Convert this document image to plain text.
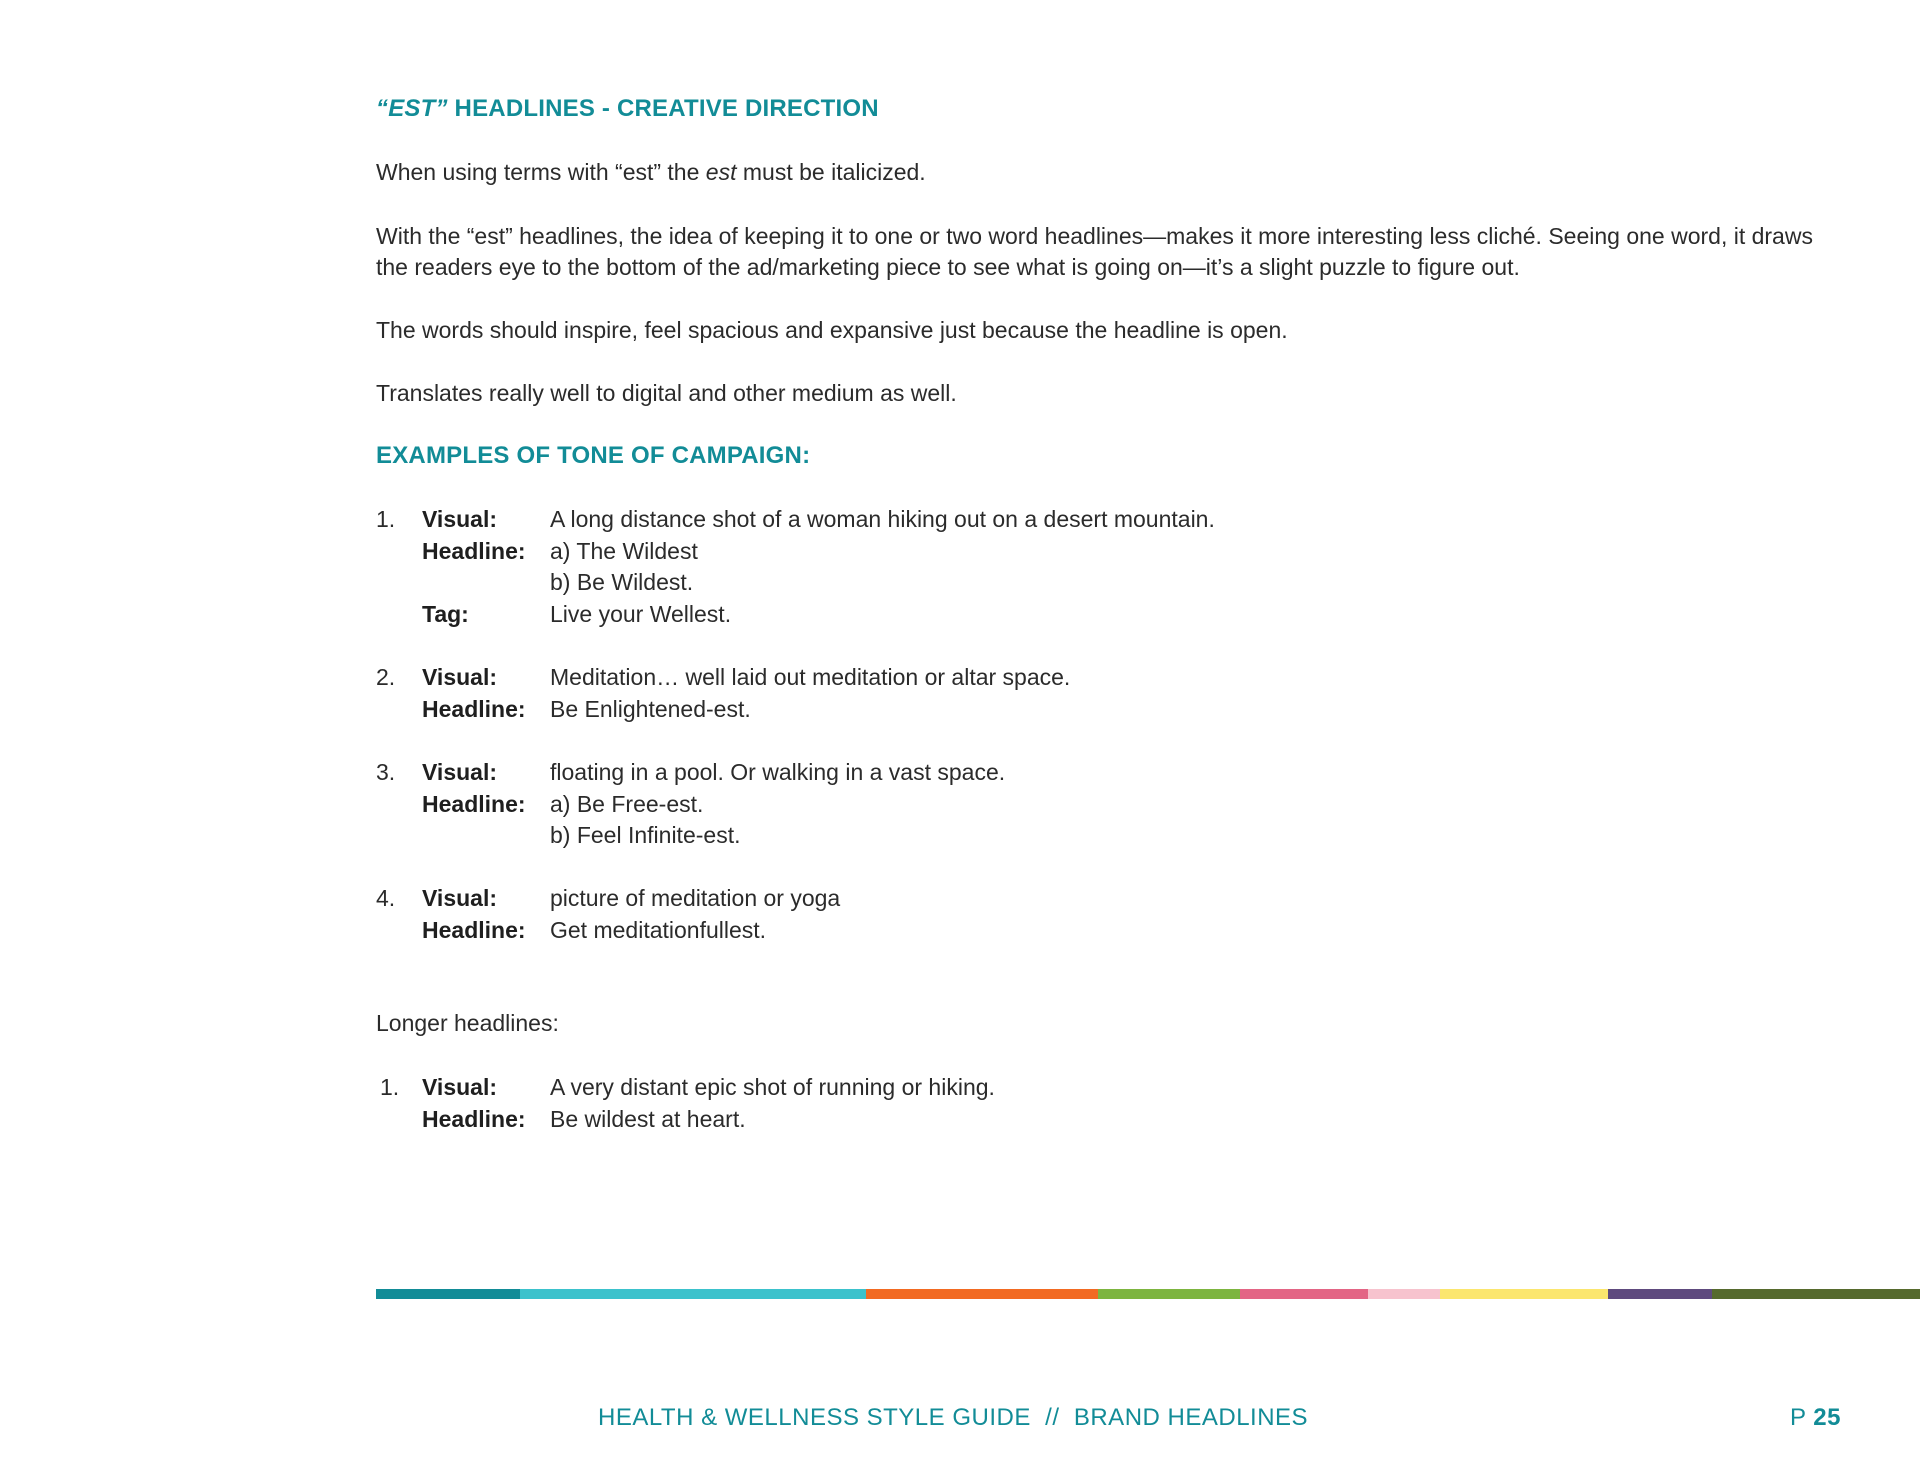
“EST” HEADLINES - CREATIVE DIRECTION
When using terms with “est” the est must be italicized.
With the “est” headlines, the idea of keeping it to one or two word headlines—makes it more interesting less cliché. Seeing one word, it draws the readers eye to the bottom of the ad/marketing piece to see what is going on—it’s a slight puzzle to figure out.
The words should inspire, feel spacious and expansive just because the headline is open.
Translates really well to digital and other medium as well.
EXAMPLES OF TONE OF CAMPAIGN:
1. Visual: A long distance shot of a woman hiking out on a desert mountain.
Headline: a) The Wildest
b) Be Wildest.
Tag:	Live your Wellest.
2. Visual: Meditation… well laid out meditation or altar space.
Headline: Be Enlightened-est.
3. Visual: floating in a pool. Or walking in a vast space.
Headline: a) Be Free-est.
b) Feel Infinite-est.
4. Visual: picture of meditation or yoga
Headline: Get meditationfullest.
Longer headlines:
1. Visual: A very distant epic shot of running or hiking.
Headline: Be wildest at heart.
HEALTH & WELLNESS STYLE GUIDE  //  BRAND HEADLINES	P 25
